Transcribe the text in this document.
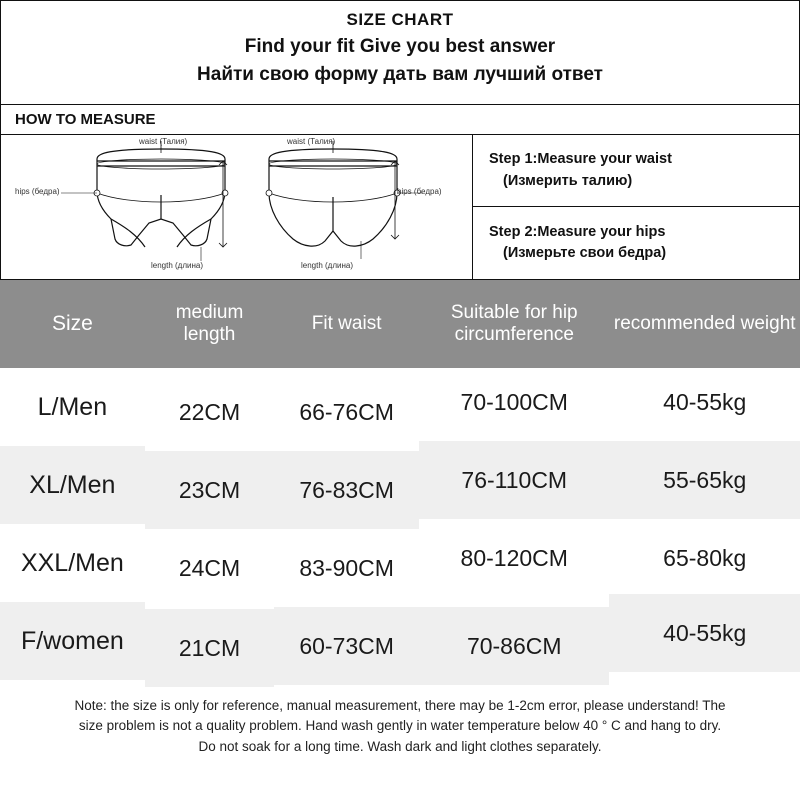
SIZE CHART
Find your fit Give you best answer
Найти свою форму дать вам лучший ответ
HOW TO MEASURE
waist (Талия)	waist (Талия)
hips (бедра)	hips (бедра)
length (длина)	length (длина)
Step 1:Measure your waist
(Измерить талию)
Step 2:Measure your hips
(Измерьте свои бедра)
Size	medium length	Fit waist	Suitable for hip circumference	recommended weight
L/Men	22CM	66-76CM	70-100CM	40-55kg
XL/Men	23CM	76-83CM	76-110CM	55-65kg
XXL/Men	24CM	83-90CM	80-120CM	65-80kg
F/women	21CM	60-73CM	70-86CM	40-55kg

Note: the size is only for reference, manual measurement, there may be 1-2cm error, please understand! The

size problem is not a quality problem. Hand wash gently in water temperature below 40 ° C and hang to dry.

Do not soak for a long time. Wash dark and light clothes separately.
